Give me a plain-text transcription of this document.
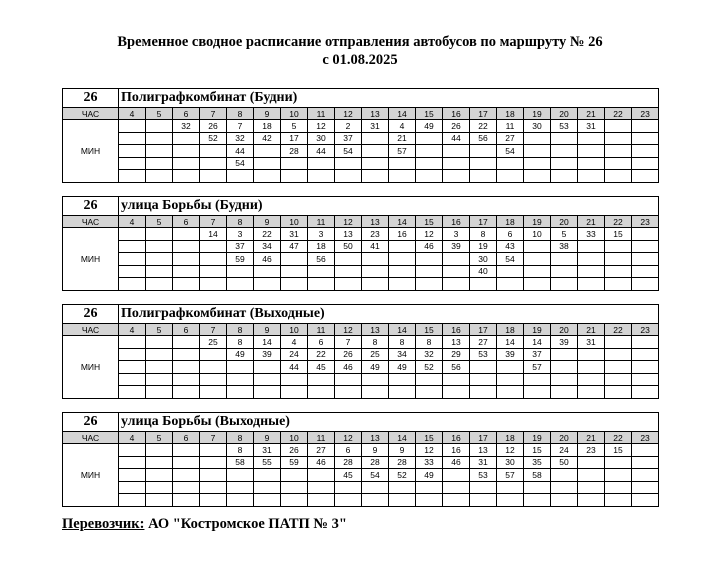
Временное сводное расписание отправления автобусов по маршруту № 26
с 01.08.2025
26	Полиграфкомбинат (Будни)																			
ЧАС	4	5	6	7	8	9	10	11	12	13	14	15	16	17	18	19	20	21	22	23
МИН			32	26	7	18	5	12	2	31	4	49	26	22	11	30	53	31		
				52	32	42	17	30	37		21		44	56	27					
					44		28	44	54		57				54					
					54															

26	улица Борьбы (Будни)																			
ЧАС	4	5	6	7	8	9	10	11	12	13	14	15	16	17	18	19	20	21	22	23
МИН				14	3	22	31	3	13	23	16	12	3	8	6	10	5	33	15	
					37	34	47	18	50	41		46	39	19	43		38			
					59	46		56						30	54					
														40						

26	Полиграфкомбинат (Выходные)																			
ЧАС	4	5	6	7	8	9	10	11	12	13	14	15	16	17	18	19	20	21	22	23
МИН				25	8	14	4	6	7	8	8	8	13	27	14	14	39	31		
					49	39	24	22	26	25	34	32	29	53	39	37				
							44	45	46	49	49	52	56			57				

26	улица Борьбы (Выходные)																			
ЧАС	4	5	6	7	8	9	10	11	12	13	14	15	16	17	18	19	20	21	22	23
МИН					8	31	26	27	6	9	9	12	16	13	12	15	24	23	15	
					58	55	59	46	28	28	28	33	46	31	30	35	50			
									45	54	52	49		53	57	58				

Перевозчик: АО "Костромское ПАТП № 3"
